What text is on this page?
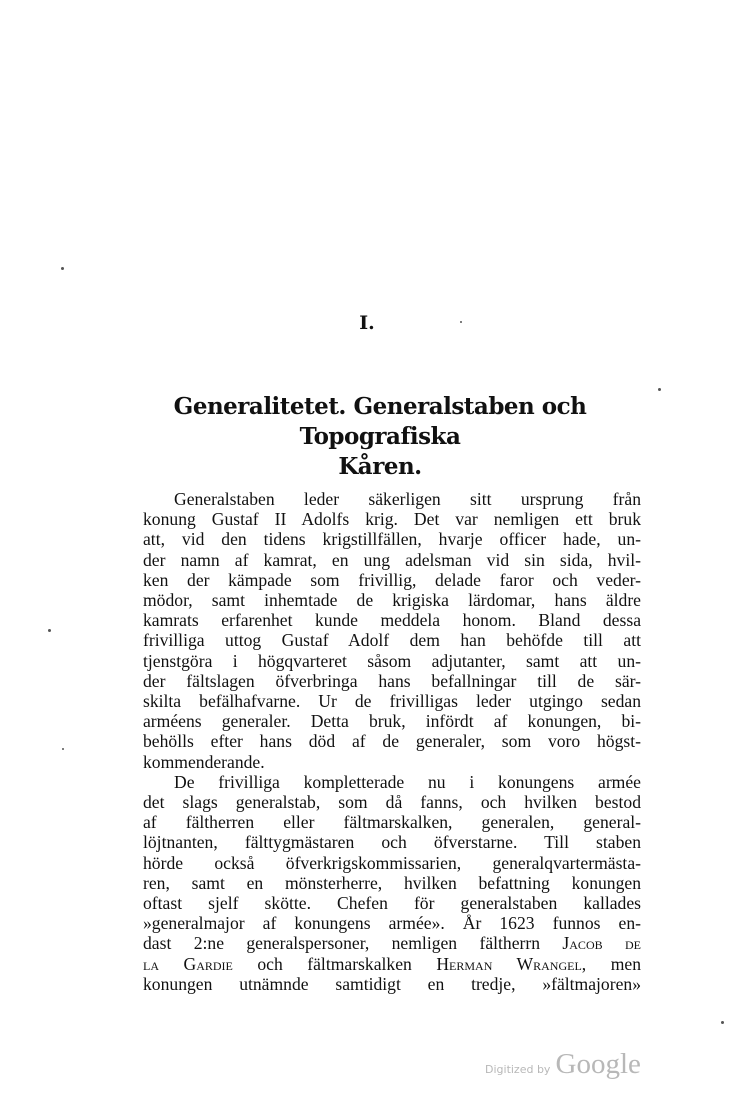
I.
Generalitetet. Generalstaben och Topografiska
Kåren.
Generalstaben leder säkerligen sitt ursprung från
konung Gustaf II Adolfs krig. Det var nemligen ett bruk
att, vid den tidens krigstillfällen, hvarje officer hade, un-
der namn af kamrat, en ung adelsman vid sin sida, hvil-
ken der kämpade som frivillig, delade faror och veder-
mödor, samt inhemtade de krigiska lärdomar, hans äldre
kamrats erfarenhet kunde meddela honom. Bland dessa
frivilliga uttog Gustaf Adolf dem han behöfde till att
tjenstgöra i högqvarteret såsom adjutanter, samt att un-
der fältslagen öfverbringa hans befallningar till de sär-
skilta befälhafvarne. Ur de frivilligas leder utgingo sedan
arméens generaler. Detta bruk, infördt af konungen, bi-
behölls efter hans död af de generaler, som voro högst-
kommenderande.
De frivilliga kompletterade nu i konungens armée
det slags generalstab, som då fanns, och hvilken bestod
af fältherren eller fältmarskalken, generalen, general-
löjtnanten, fälttygmästaren och öfverstarne. Till staben
hörde också öfverkrigskommissarien, generalqvartermästa-
ren, samt en mönsterherre, hvilken befattning konungen
oftast sjelf skötte. Chefen för generalstaben kallades
»generalmajor af konungens armée». År 1623 funnos en-
dast 2:ne generalspersoner, nemligen fältherrn Jacob de
la Gardie och fältmarskalken Herman Wrangel, men
konungen utnämnde samtidigt en tredje, »fältmajoren»
Digitized by Google
